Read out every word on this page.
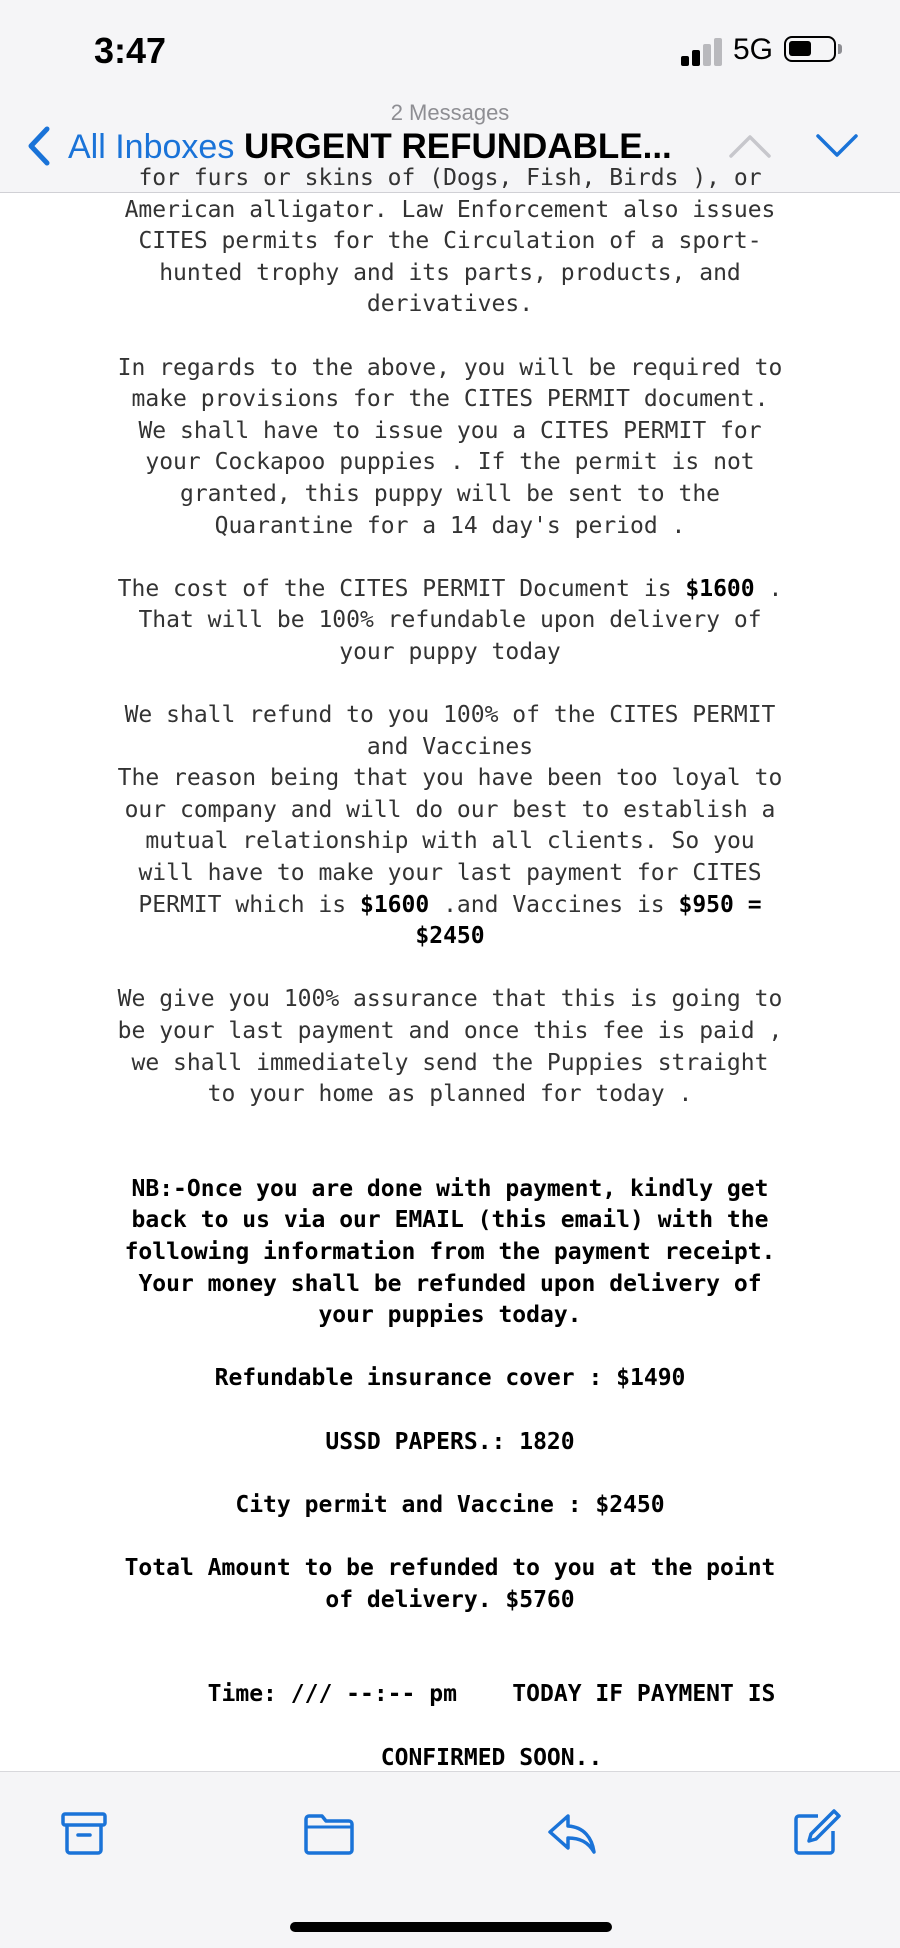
3:47	5G
2 Messages
All Inboxes URGENT REFUNDABLE...

for furs or skins of (Dogs, Fish, Birds ), or
American alligator. Law Enforcement also issues
CITES permits for the Circulation of a sport-
hunted trophy and its parts, products, and
derivatives.

In regards to the above, you will be required to
make provisions for the CITES PERMIT document.
We shall have to issue you a CITES PERMIT for
your Cockapoo puppies . If the permit is not
granted, this puppy will be sent to the
Quarantine for a 14 day's period .

The cost of the CITES PERMIT Document is $1600 .
That will be 100% refundable upon delivery of
your puppy today

We shall refund to you 100% of the CITES PERMIT
and Vaccines
The reason being that you have been too loyal to
our company and will do our best to establish a
mutual relationship with all clients. So you
will have to make your last payment for CITES
PERMIT which is $1600 .and Vaccines is $950 =
$2450

We give you 100% assurance that this is going to
be your last payment and once this fee is paid ,
we shall immediately send the Puppies straight
to your home as planned for today .

NB:-Once you are done with payment, kindly get
back to us via our EMAIL (this email) with the
following information from the payment receipt.
Your money shall be refunded upon delivery of
your puppies today.

Refundable insurance cover : $1490

USSD PAPERS.: 1820

City permit and Vaccine : $2450

Total Amount to be refunded to you at the point
of delivery. $5760

Time: /// --:-- pm    TODAY IF PAYMENT IS

CONFIRMED SOON..
